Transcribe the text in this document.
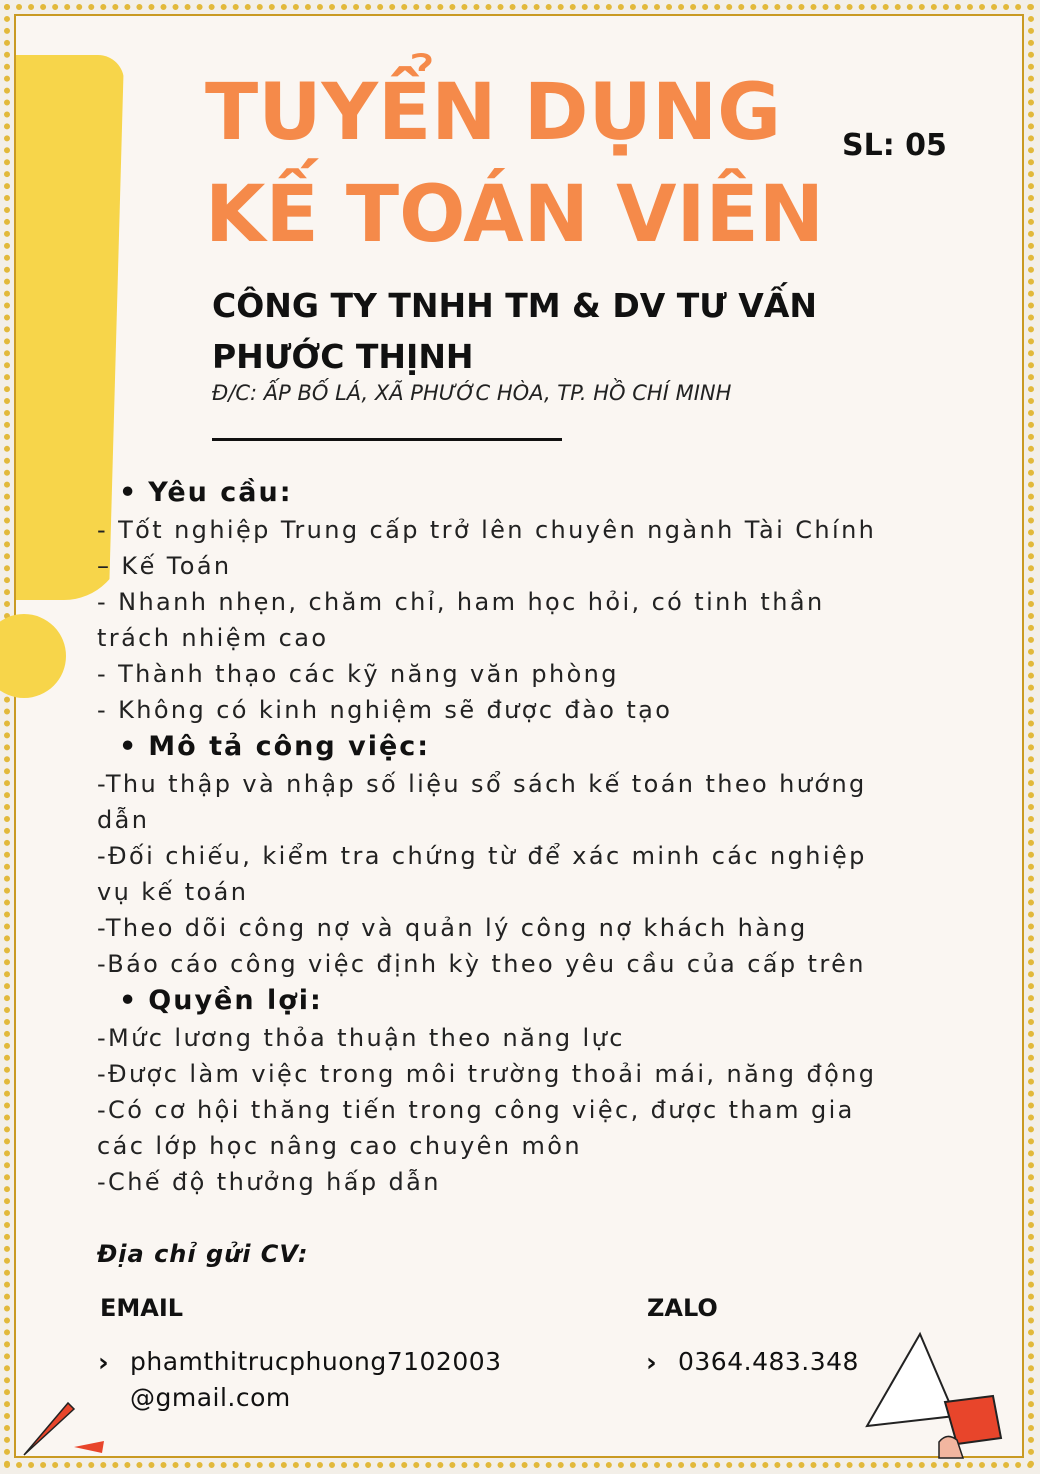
TUYỂN DỤNG
KẾ TOÁN VIÊN
SL: 05
CÔNG TY TNHH TM & DV TƯ VẤN PHƯỚC THỊNH
Đ/C: ẤP BỐ LÁ, XÃ PHƯỚC HÒA, TP. HỒ CHÍ MINH
• Yêu cầu:
- Tốt nghiệp Trung cấp trở lên chuyên ngành Tài Chính
– Kế Toán
- Nhanh nhẹn, chăm chỉ, ham học hỏi, có tinh thần
trách nhiệm cao
- Thành thạo các kỹ năng văn phòng
- Không có kinh nghiệm sẽ được đào tạo
• Mô tả công việc:
-Thu thập và nhập số liệu sổ sách kế toán theo hướng
dẫn
-Đối chiếu, kiểm tra chứng từ để xác minh các nghiệp
vụ kế toán
-Theo dõi công nợ và quản lý công nợ khách hàng
-Báo cáo công việc định kỳ theo yêu cầu của cấp trên
• Quyền lợi:
-Mức lương thỏa thuận theo năng lực
-Được làm việc trong môi trường thoải mái, năng động
-Có cơ hội thăng tiến trong công việc, được tham gia
các lớp học nâng cao chuyên môn
-Chế độ thưởng hấp dẫn
Địa chỉ gửi CV:
EMAIL
› phamthitrucphuong7102003
@gmail.com
ZALO
› 0364.483.348
